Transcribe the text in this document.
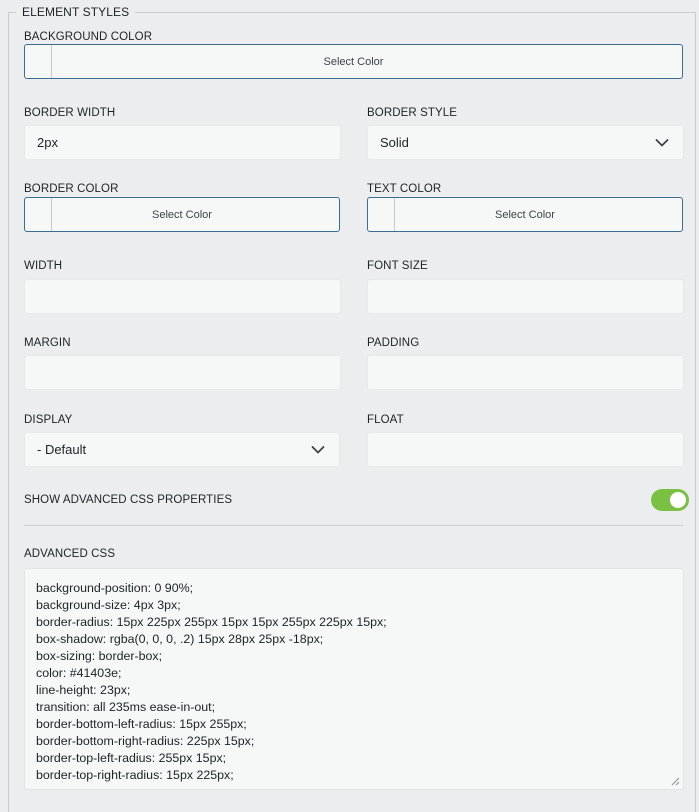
ELEMENT STYLES
BACKGROUND COLOR
Select Color
BORDER WIDTH
2px
BORDER STYLE
Solid
BORDER COLOR
Select Color
TEXT COLOR
Select Color
WIDTH	FONT SIZE
MARGIN	PADDING
DISPLAY
- Default
FLOAT
SHOW ADVANCED CSS PROPERTIES
ADVANCED CSS
background-position: 0 90%;
background-size: 4px 3px;
border-radius: 15px 225px 255px 15px 15px 255px 225px 15px;
box-shadow: rgba(0, 0, 0, .2) 15px 28px 25px -18px;
box-sizing: border-box;
color: #41403e;
line-height: 23px;
transition: all 235ms ease-in-out;
border-bottom-left-radius: 15px 255px;
border-bottom-right-radius: 225px 15px;
border-top-left-radius: 255px 15px;
border-top-right-radius: 15px 225px;
